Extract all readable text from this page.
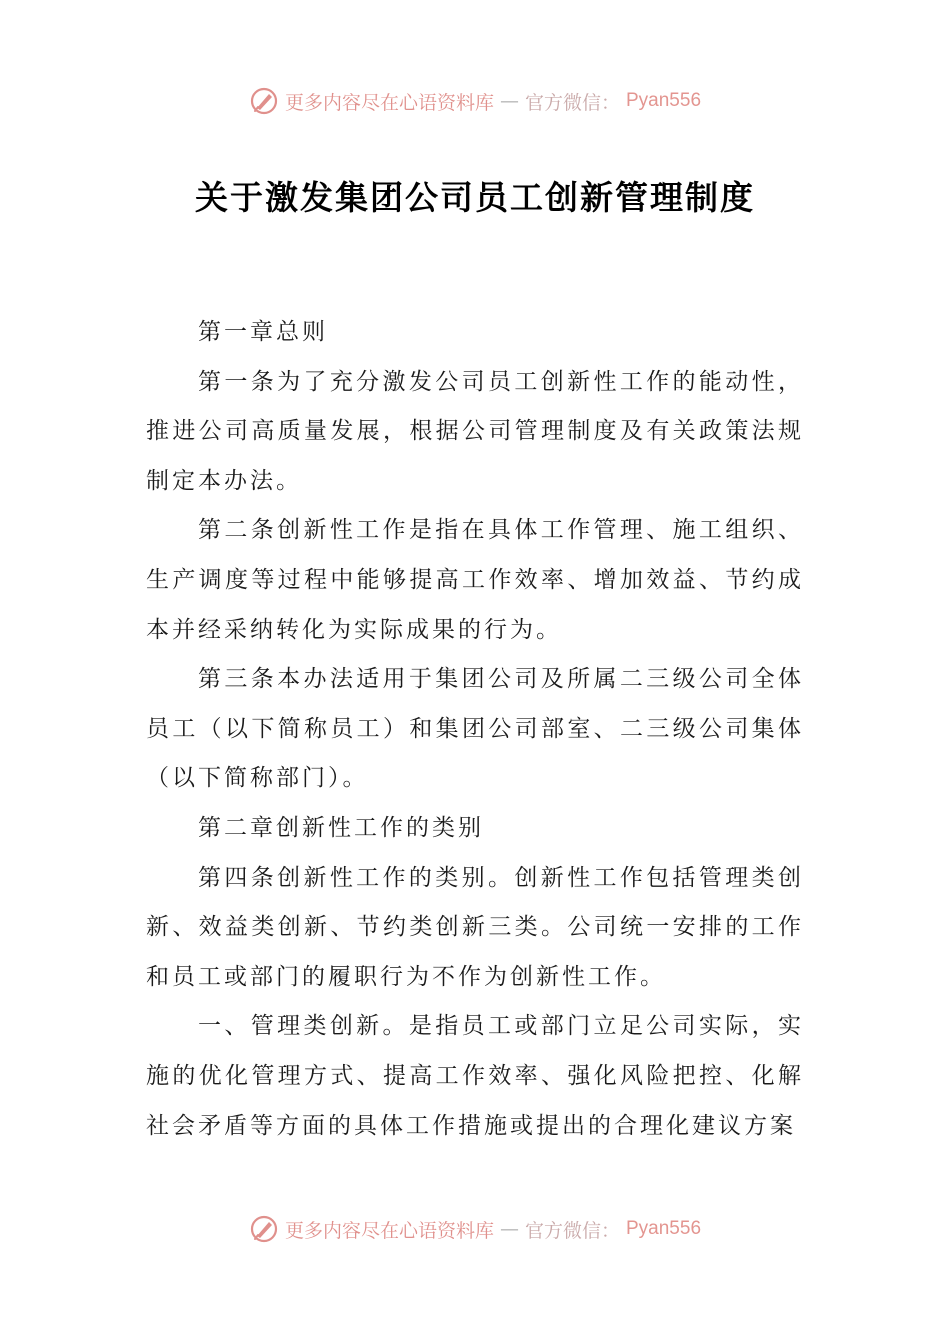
更多内容尽在心语资料库 — 官方微信： Pyan556
关于激发集团公司员工创新管理制度

第一章总则

第一条为了充分激发公司员工创新性工作的能动性，推进公司高质量发展，根据公司管理制度及有关政策法规制定本办法。

第二条创新性工作是指在具体工作管理、施工组织、生产调度等过程中能够提高工作效率、增加效益、节约成本并经采纳转化为实际成果的行为。

第三条本办法适用于集团公司及所属二三级公司全体员工（以下简称员工）和集团公司部室、二三级公司集体（以下简称部门）。

第二章创新性工作的类别

第四条创新性工作的类别。创新性工作包括管理类创新、效益类创新、节约类创新三类。公司统一安排的工作和员工或部门的履职行为不作为创新性工作。

一、管理类创新。是指员工或部门立足公司实际，实施的优化管理方式、提高工作效率、强化风险把控、化解社会矛盾等方面的具体工作措施或提出的合理化建议方案

更多内容尽在心语资料库 — 官方微信： Pyan556
